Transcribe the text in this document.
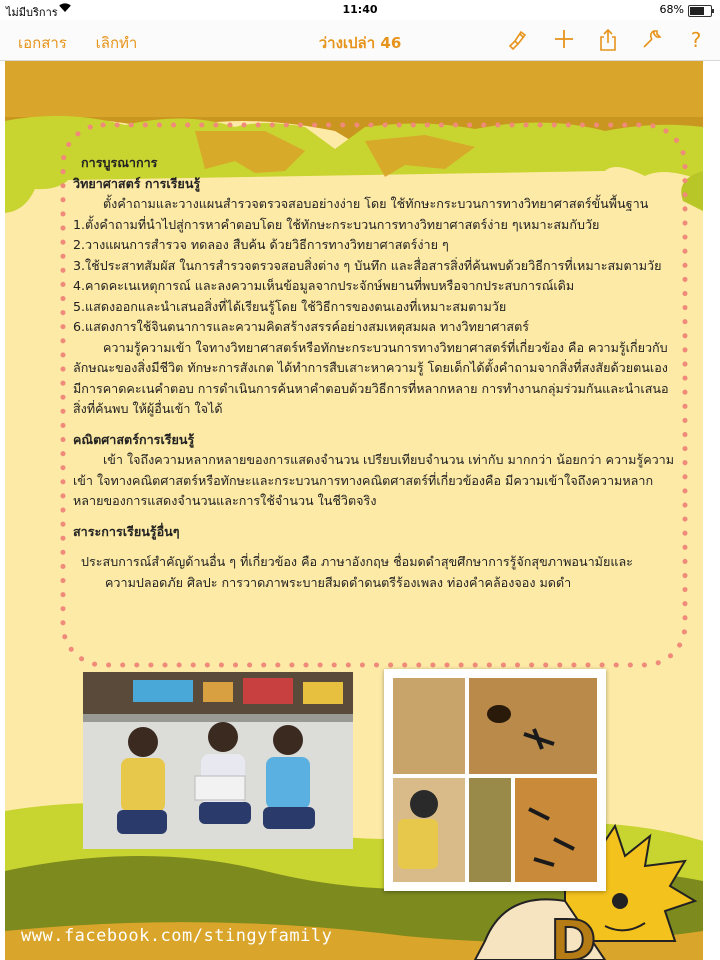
ไม่มีบริการ	11:40	68%
เอกสาร เลิกทำ	ว่างเปล่า 46	?
D

การบูรณาการ

วิทยาศาสตร์ การเรียนรู้

ตั้งคำถามและวางแผนสำรวจตรวจสอบอย่างง่าย โดย ใช้ทักษะกระบวนการทางวิทยาศาสตร์ขั้นพื้นฐาน

1.ตั้งคำถามที่นำไปสู่การหาคำตอบโดย ใช้ทักษะกระบวนการทางวิทยาศาสตร์ง่าย ๆเหมาะสมกับวัย

2.วางแผนการสำรวจ ทดลอง สืบค้น ด้วยวิธีการทางวิทยาศาสตร์ง่าย ๆ

3.ใช้ประสาทสัมผัส ในการสำรวจตรวจสอบสิ่งต่าง ๆ บันทึก และสื่อสารสิ่งที่ค้นพบด้วยวิธีการที่เหมาะสมตามวัย

4.คาดคะเนเหตุการณ์ และลงความเห็นข้อมูลจากประจักษ์พยานที่พบหรือจากประสบการณ์เดิม

5.แสดงออกและนำเสนอสิ่งที่ได้เรียนรู้โดย ใช้วิธีการของตนเองที่เหมาะสมตามวัย

6.แสดงการใช้จินตนาการและความคิดสร้างสรรค์อย่างสมเหตุสมผล ทางวิทยาศาสตร์

ความรู้ความเข้า ใจทางวิทยาศาสตร์หรือทักษะกระบวนการทางวิทยาศาสตร์ที่เกี่ยวข้อง คือ ความรู้เกี่ยวกับลักษณะของสิ่งมีชีวิต ทักษะการสังเกต ได้ทำการสืบเสาะหาความรู้ โดยเด็กได้ตั้งคำถามจากสิ่งที่สงสัยด้วยตนเอง มีการคาดคะเนคำตอบ การดำเนินการค้นหาคำตอบด้วยวิธีการที่หลากหลาย การทำงานกลุ่มร่วมกันและนำเสนอสิ่งที่ค้นพบ ให้ผู้อื่นเข้า ใจได้

คณิตศาสตร์การเรียนรู้

เข้า ใจถึงความหลากหลายของการแสดงจำนวน เปรียบเทียบจำนวน เท่ากับ มากกว่า น้อยกว่า ความรู้ความเข้า ใจทางคณิตศาสตร์หรือทักษะและกระบวนการทางคณิตศาสตร์ที่เกี่ยวข้องคือ มีความเข้าใจถึงความหลากหลายของการแสดงจำนวนและการใช้จำนวน ในชีวิตจริง

สาระการเรียนรู้อื่นๆ

ประสบการณ์สำคัญด้านอื่น ๆ ที่เกี่ยวข้อง คือ ภาษาอังกฤษ ชื่อมดดำสุขศึกษาการรู้จักสุขภาพอนามัยและ

ความปลอดภัย ศิลปะ การวาดภาพระบายสีมดดำดนตรีร้องเพลง ท่องคำคล้องจอง มดดำ

www.facebook.com/stingyfamily
